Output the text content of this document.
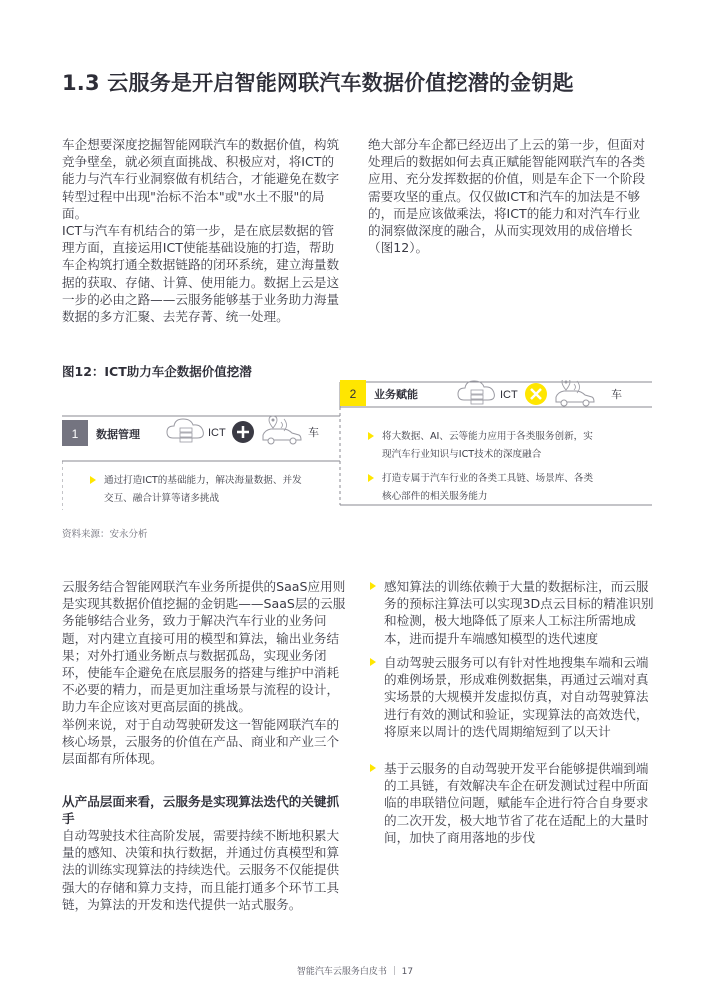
1.3 云服务是开启智能网联汽车数据价值挖潜的金钥匙

车企想要深度挖掘智能网联汽车的数据价值，构筑竞争壁垒，就必须直面挑战、积极应对，将ICT的能力与汽车行业洞察做有机结合，才能避免在数字转型过程中出现"治标不治本"或"水土不服"的局面。

ICT与汽车有机结合的第一步，是在底层数据的管理方面，直接运用ICT使能基础设施的打造，帮助车企构筑打通全数据链路的闭环系统，建立海量数据的获取、存储、计算、使用能力。数据上云是这一步的必由之路——云服务能够基于业务助力海量数据的多方汇聚、去芜存菁、统一处理。

绝大部分车企都已经迈出了上云的第一步，但面对处理后的数据如何去真正赋能智能网联汽车的各类应用、充分发挥数据的价值，则是车企下一个阶段需要攻坚的重点。仅仅做ICT和汽车的加法是不够的，而是应该做乘法，将ICT的能力和对汽车行业的洞察做深度的融合，从而实现效用的成倍增长（图12）。

图12：ICT助力车企数据价值挖潜
2 业务赋能	ICT	车
将大数据、AI、云等能力应用于各类服务创新，实 现汽车行业知识与ICT技术的深度融合
打造专属于汽车行业的各类工具链、场景库、各类 核心部件的相关服务能力
1 数据管理	ICT	车
通过打造ICT的基础能力，解决海量数据、并发 交互、融合计算等诸多挑战
资料来源：安永分析

云服务结合智能网联汽车业务所提供的SaaS应用则是实现其数据价值挖掘的金钥匙——SaaS层的云服务能够结合业务，致力于解决汽车行业的业务问题，对内建立直接可用的模型和算法，输出业务结果；对外打通业务断点与数据孤岛，实现业务闭环，使能车企避免在底层服务的搭建与维护中消耗不必要的精力，而是更加注重场景与流程的设计，助力车企应该对更高层面的挑战。

举例来说，对于自动驾驶研发这一智能网联汽车的核心场景，云服务的价值在产品、商业和产业三个层面都有所体现。

从产品层面来看，云服务是实现算法迭代的关键抓手

自动驾驶技术往高阶发展，需要持续不断地积累大量的感知、决策和执行数据，并通过仿真模型和算法的训练实现算法的持续迭代。云服务不仅能提供强大的存储和算力支持，而且能打通多个环节工具链，为算法的开发和迭代提供一站式服务。

感知算法的训练依赖于大量的数据标注，而云服务的预标注算法可以实现3D点云目标的精准识别和检测，极大地降低了原来人工标注所需地成本，进而提升车端感知模型的迭代速度
自动驾驶云服务可以有针对性地搜集车端和云端的难例场景，形成难例数据集，再通过云端对真实场景的大规模并发虚拟仿真，对自动驾驶算法进行有效的测试和验证，实现算法的高效迭代，将原来以周计的迭代周期缩短到了以天计
基于云服务的自动驾驶开发平台能够提供端到端的工具链，有效解决车企在研发测试过程中所面临的串联错位问题，赋能车企进行符合自身要求的二次开发，极大地节省了花在适配上的大量时间，加快了商用落地的步伐
智能汽车云服务白皮书 ｜ 17
